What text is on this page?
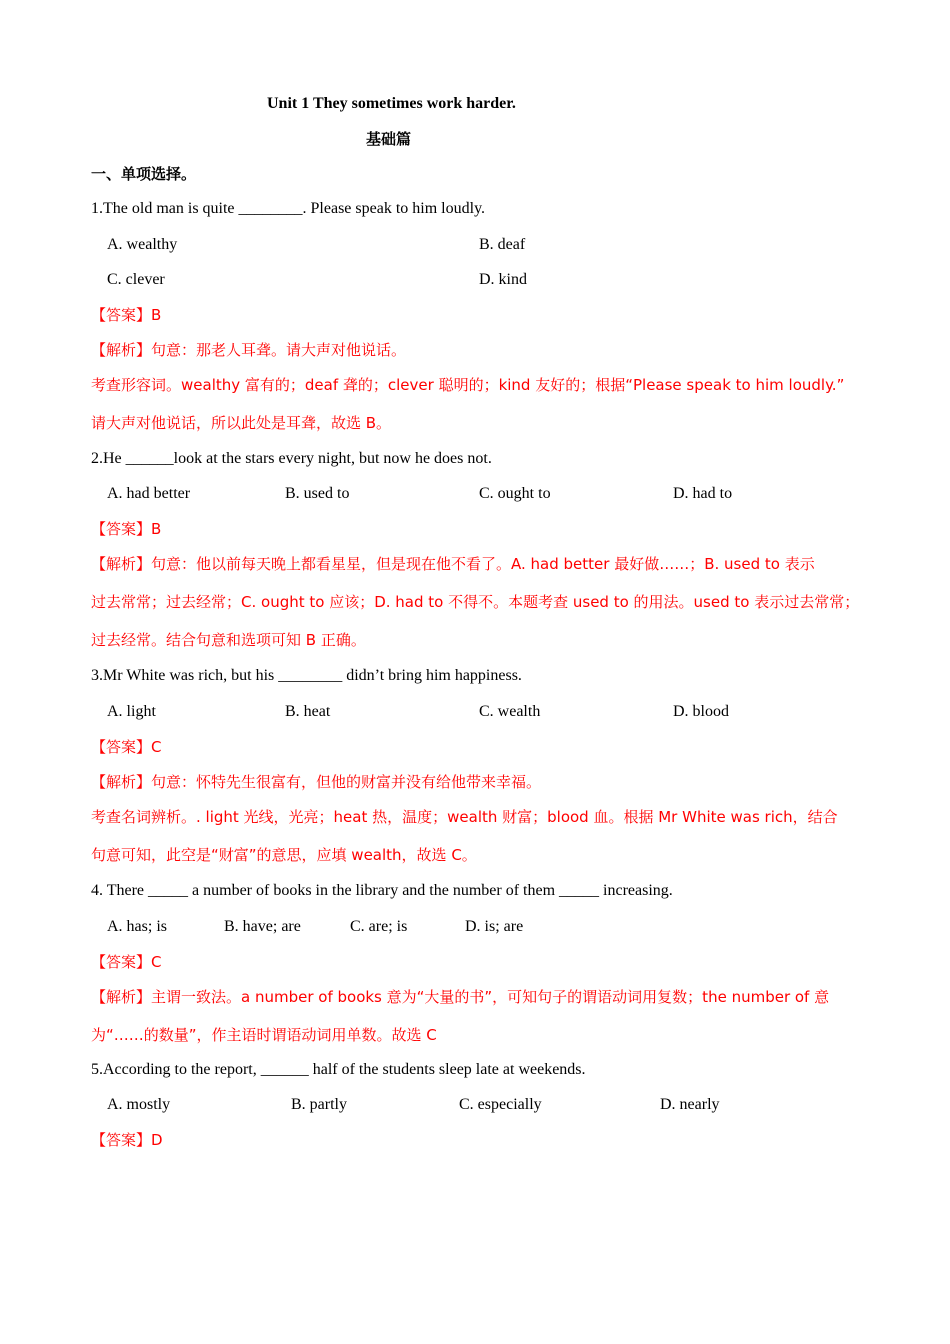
Unit 1 They sometimes work harder.
基础篇
一、单项选择。
1.The old man is quite ________. Please speak to him loudly.
A. wealthy	B. deaf
C. clever	D. kind
【答案】B
【解析】句意：那老人耳聋。请大声对他说话。
考查形容词。wealthy 富有的；deaf 聋的；clever 聪明的；kind 友好的；根据“Please speak to him loudly.”
请大声对他说话，所以此处是耳聋，故选 B。
2.He ______look at the stars every night, but now he does not.
A. had better	B. used to	C. ought to	D. had to
【答案】B
【解析】句意：他以前每天晚上都看星星，但是现在他不看了。A. had better 最好做……；B. used to 表示
过去常常；过去经常；C. ought to 应该；D. had to 不得不。本题考查 used to 的用法。used to 表示过去常常；
过去经常。结合句意和选项可知 B 正确。
3.Mr White was rich, but his ________ didn’t bring him happiness.
A. light	B. heat	C. wealth	D. blood
【答案】C
【解析】句意：怀特先生很富有，但他的财富并没有给他带来幸福。
考查名词辨析。. light 光线，光亮；heat 热，温度；wealth 财富；blood 血。根据 Mr White was rich，结合
句意可知，此空是“财富”的意思，应填 wealth，故选 C。
4. There _____ a number of books in the library and the number of them _____ increasing.
A. has; is	B. have; are	C. are; is	D. is; are
【答案】C
【解析】主谓一致法。a number of books 意为“大量的书”，可知句子的谓语动词用复数；the number of 意
为“……的数量”，作主语时谓语动词用单数。故选 C
5.According to the report, ______ half of the students sleep late at weekends.
A. mostly	B. partly	C. especially	D. nearly
【答案】D
